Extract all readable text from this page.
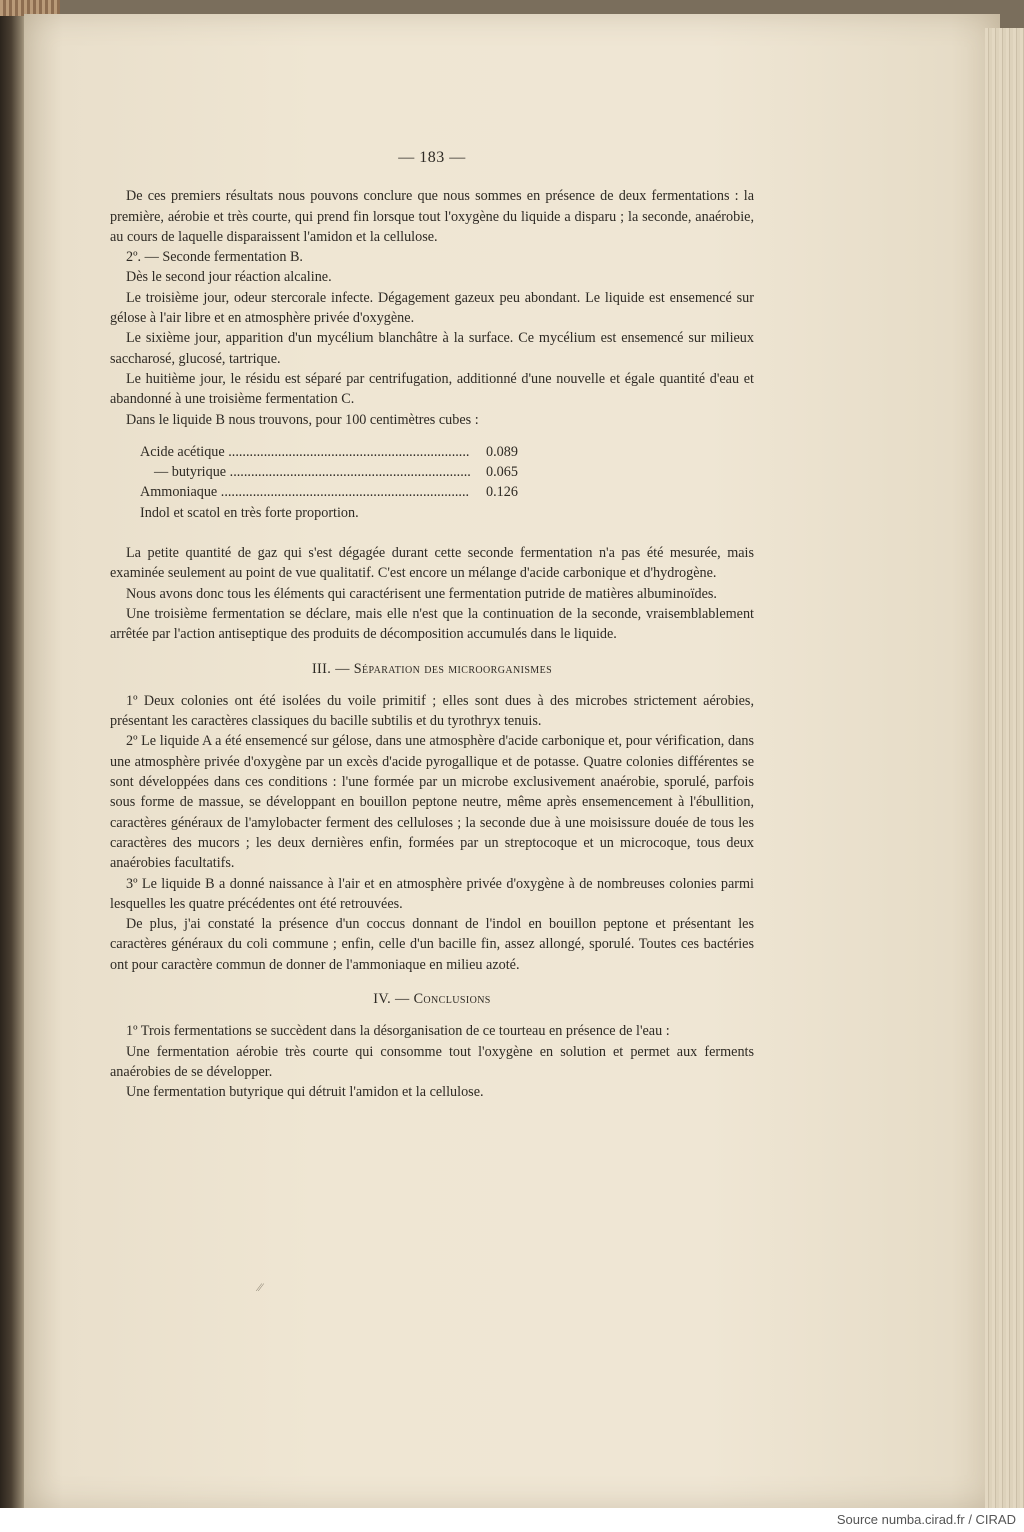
— 183 —

De ces premiers résultats nous pouvons conclure que nous sommes en présence de deux fermentations : la première, aérobie et très courte, qui prend fin lorsque tout l'oxygène du liquide a disparu ; la seconde, anaérobie, au cours de laquelle disparaissent l'amidon et la cellulose.

2º. — Seconde fermentation B.

Dès le second jour réaction alcaline.

Le troisième jour, odeur stercorale infecte. Dégagement gazeux peu abondant. Le liquide est ensemencé sur gélose à l'air libre et en atmosphère privée d'oxygène.

Le sixième jour, apparition d'un mycélium blanchâtre à la surface. Ce mycélium est ensemencé sur milieux saccharosé, glucosé, tartrique.

Le huitième jour, le résidu est séparé par centrifugation, additionné d'une nouvelle et égale quantité d'eau et abandonné à une troisième fermentation C.

Dans le liquide B nous trouvons, pour 100 centimètres cubes :

Acide acétique .....	0.089
— butyrique .....	0.065
Ammoniaque .....	0.126
Indol et scatol en très forte proportion.

La petite quantité de gaz qui s'est dégagée durant cette seconde fermentation n'a pas été mesurée, mais examinée seulement au point de vue qualitatif. C'est encore un mélange d'acide carbonique et d'hydrogène.

Nous avons donc tous les éléments qui caractérisent une fermentation putride de matières albuminoïdes.

Une troisième fermentation se déclare, mais elle n'est que la continuation de la seconde, vraisemblablement arrêtée par l'action antiseptique des produits de décomposition accumulés dans le liquide.

III. — Séparation des microorganismes

1º Deux colonies ont été isolées du voile primitif ; elles sont dues à des microbes strictement aérobies, présentant les caractères classiques du bacille subtilis et du tyrothryx tenuis.

2º Le liquide A a été ensemencé sur gélose, dans une atmosphère d'acide carbonique et, pour vérification, dans une atmosphère privée d'oxygène par un excès d'acide pyrogallique et de potasse. Quatre colonies différentes se sont développées dans ces conditions : l'une formée par un microbe exclusivement anaérobie, sporulé, parfois sous forme de massue, se développant en bouillon peptone neutre, même après ensemencement à l'ébullition, caractères généraux de l'amylobacter ferment des celluloses ; la seconde due à une moisissure douée de tous les caractères des mucors ; les deux dernières enfin, formées par un streptocoque et un microcoque, tous deux anaérobies facultatifs.

3º Le liquide B a donné naissance à l'air et en atmosphère privée d'oxygène à de nombreuses colonies parmi lesquelles les quatre précédentes ont été retrouvées.

De plus, j'ai constaté la présence d'un coccus donnant de l'indol en bouillon peptone et présentant les caractères généraux du coli commune ; enfin, celle d'un bacille fin, assez allongé, sporulé. Toutes ces bactéries ont pour caractère commun de donner de l'ammoniaque en milieu azoté.

IV. — Conclusions

1º Trois fermentations se succèdent dans la désorganisation de ce tourteau en présence de l'eau :

Une fermentation aérobie très courte qui consomme tout l'oxygène en solution et permet aux ferments anaérobies de se développer.

Une fermentation butyrique qui détruit l'amidon et la cellulose.

⁄⁄
Source numba.cirad.fr / CIRAD
